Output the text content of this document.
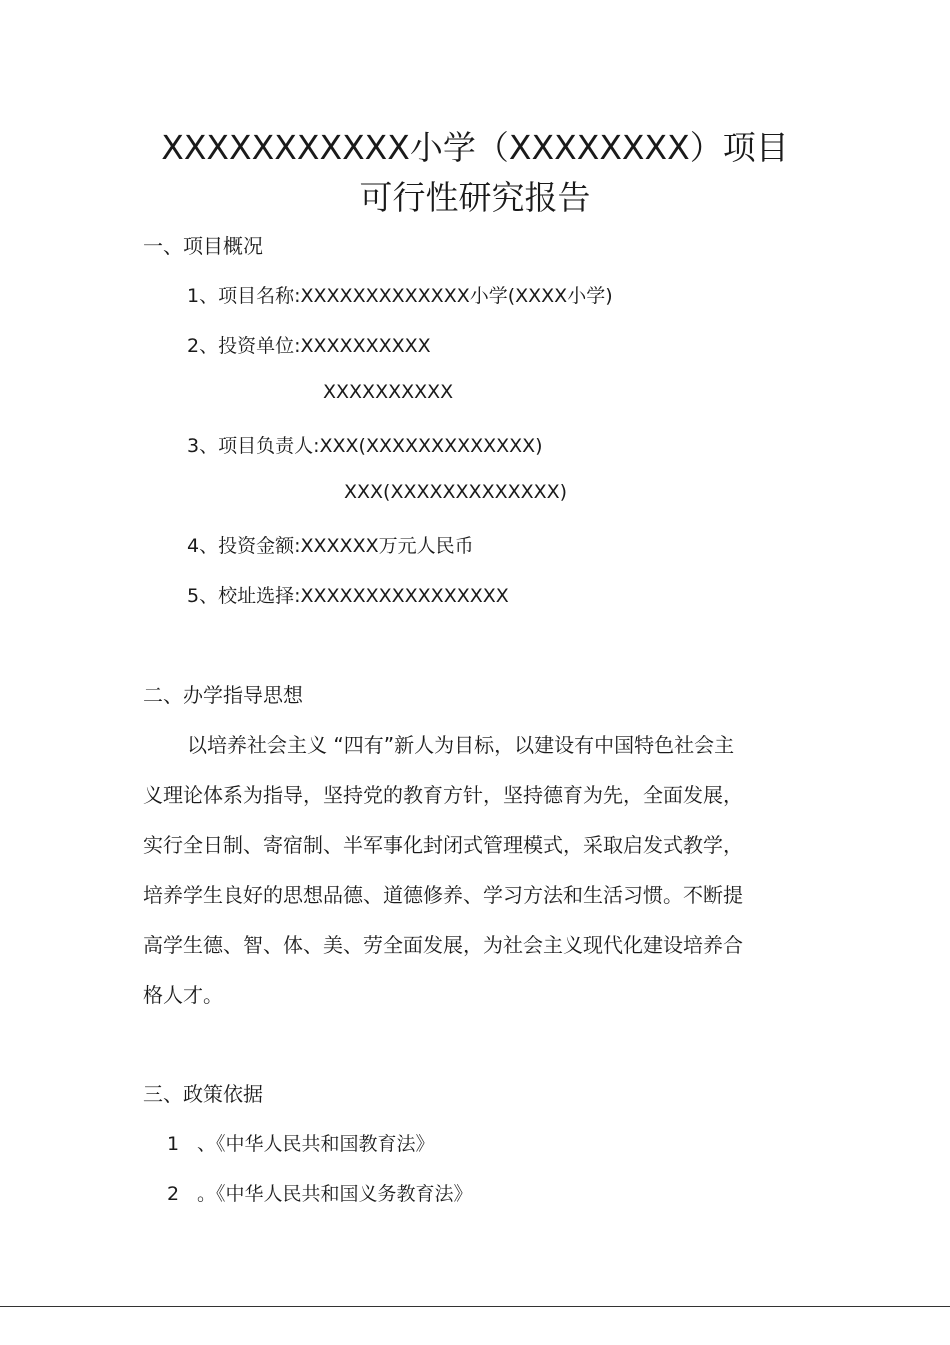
XXXXXXXXXXX小学（XXXXXXXX）项目
可行性研究报告
一、项目概况
1、项目名称:XXXXXXXXXXXXX小学(XXXX小学)
2、投资单位:XXXXXXXXXX
XXXXXXXXXX
3、项目负责人:XXX(XXXXXXXXXXXXX)
XXX(XXXXXXXXXXXXX)
4、投资金额:XXXXXX万元人民币
5、校址选择:XXXXXXXXXXXXXXXX
二、办学指导思想
以培养社会主义 “四有”新人为目标，以建设有中国特色社会主
义理论体系为指导，坚持党的教育方针，坚持德育为先，全面发展，
实行全日制、寄宿制、半军事化封闭式管理模式，采取启发式教学，
培养学生良好的思想品德、道德修养、学习方法和生活习惯。不断提
高学生德、智、体、美、劳全面发展，为社会主义现代化建设培养合
格人才。
三、政策依据
1 、《中华人民共和国教育法》
2 。《中华人民共和国义务教育法》
